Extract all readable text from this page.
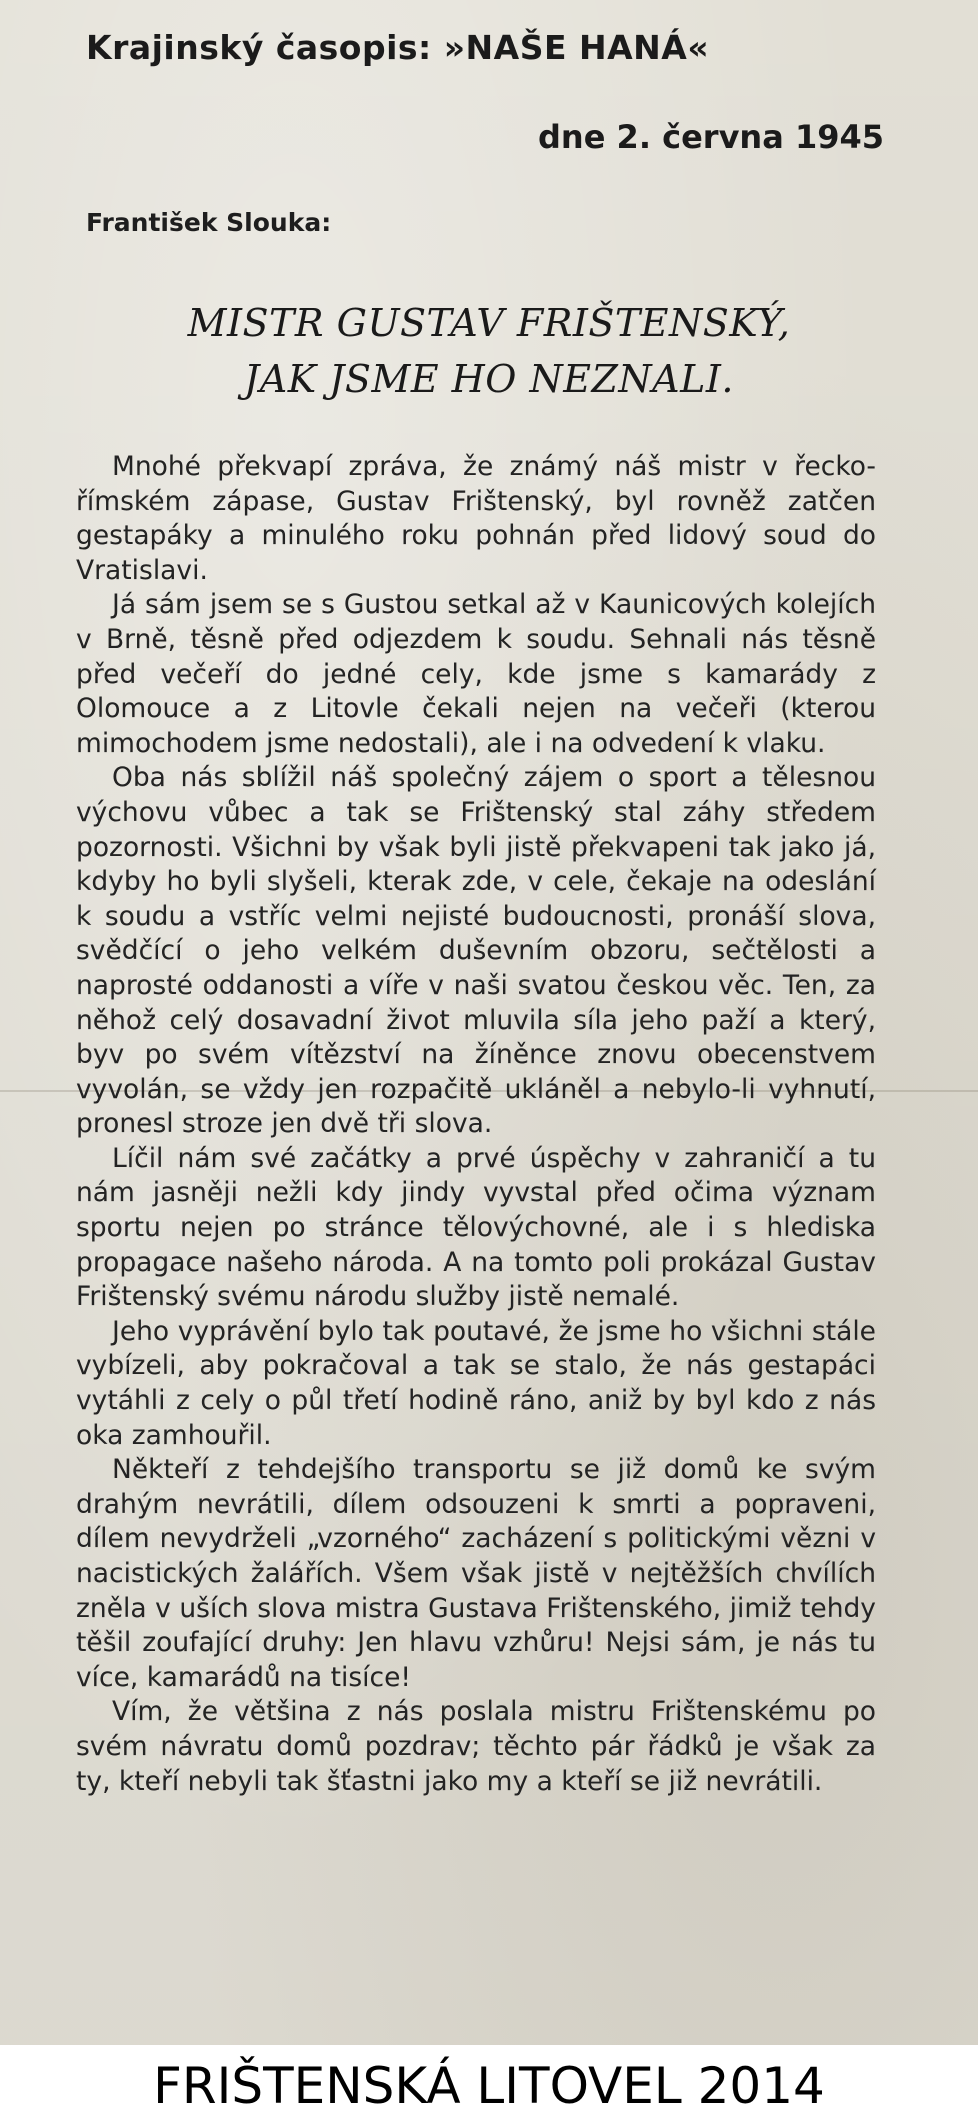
Krajinský časopis: »NAŠE HANÁ«
dne 2. června 1945
František Slouka:
MISTR GUSTAV FRIŠTENSKÝ,
JAK JSME HO NEZNALI.

Mnohé překvapí zpráva, že známý náš mistr v řecko-římském zápase, Gustav Frištenský, byl rovněž zatčen gestapáky a minulého roku pohnán před lidový soud do Vratislavi.

Já sám jsem se s Gustou setkal až v Kaunicových kolejích v Brně, těsně před odjezdem k soudu. Sehnali nás těsně před večeří do jedné cely, kde jsme s kamarády z Olomouce a z Litovle čekali nejen na večeři (kterou mimochodem jsme nedostali), ale i na odvedení k vlaku.

Oba nás sblížil náš společný zájem o sport a tělesnou výchovu vůbec a tak se Frištenský stal záhy středem pozornosti. Všichni by však byli jistě překvapeni tak jako já, kdyby ho byli slyšeli, kterak zde, v cele, čekaje na odeslání k soudu a vstříc velmi nejisté budoucnosti, pronáší slova, svědčící o jeho velkém duševním obzoru, sečtělosti a naprosté oddanosti a víře v naši svatou českou věc. Ten, za něhož celý dosavadní život mluvila síla jeho paží a který, byv po svém vítězství na žíněnce znovu obecenstvem vyvolán, se vždy jen rozpačitě ukláněl a nebylo-li vyhnutí, pronesl stroze jen dvě tři slova.

Líčil nám své začátky a prvé úspěchy v zahraničí a tu nám jasněji nežli kdy jindy vyvstal před očima význam sportu nejen po stránce tělovýchovné, ale i s hlediska propagace našeho národa. A na tomto poli prokázal Gustav Frištenský svému národu služby jistě nemalé.

Jeho vyprávění bylo tak poutavé, že jsme ho všichni stále vybízeli, aby pokračoval a tak se stalo, že nás gestapáci vytáhli z cely o půl třetí hodině ráno, aniž by byl kdo z nás oka zamhouřil.

Někteří z tehdejšího transportu se již domů ke svým drahým nevrátili, dílem odsouzeni k smrti a popraveni, dílem nevydrželi „vzorného“ zacházení s politickými vězni v nacistických žalářích. Všem však jistě v nejtěžších chvílích zněla v uších slova mistra Gustava Frištenského, jimiž tehdy těšil zoufající druhy: Jen hlavu vzhůru! Nejsi sám, je nás tu více, kamarádů na tisíce!

Vím, že většina z nás poslala mistru Frištenskému po svém návratu domů pozdrav; těchto pár řádků je však za ty, kteří nebyli tak šťastni jako my a kteří se již nevrátili.

FRIŠTENSKÁ LITOVEL 2014
